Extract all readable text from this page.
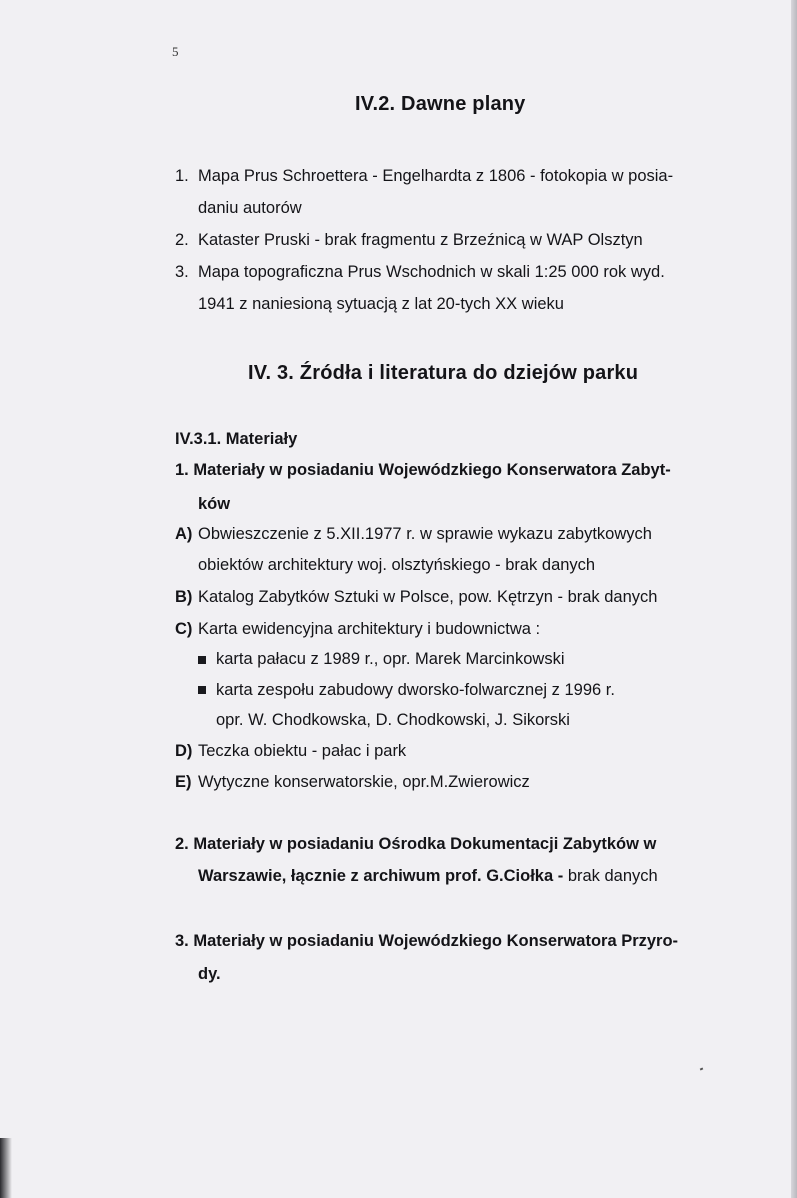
5
IV.2. Dawne plany
1. Mapa Prus Schroettera - Engelhardta z 1806 - fotokopia w posia-
daniu autorów
2. Kataster Pruski - brak fragmentu z Brzeźnicą w WAP Olsztyn
3. Mapa topograficzna Prus Wschodnich w skali 1:25 000 rok wyd.
1941 z naniesioną sytuacją z lat 20-tych XX wieku
IV. 3. Źródła i literatura do dziejów parku
IV.3.1. Materiały
1. Materiały w posiadaniu Wojewódzkiego Konserwatora Zabyt-
ków
A) Obwieszczenie z 5.XII.1977 r. w sprawie wykazu zabytkowych
obiektów architektury woj. olsztyńskiego - brak danych
B) Katalog Zabytków Sztuki w Polsce, pow. Kętrzyn - brak danych
C) Karta ewidencyjna architektury i budownictwa :
karta pałacu z 1989 r., opr. Marek Marcinkowski
karta zespołu zabudowy dworsko-folwarcznej z 1996 r.
opr. W. Chodkowska, D. Chodkowski, J. Sikorski
D) Teczka obiektu - pałac i park
E) Wytyczne konserwatorskie, opr.M.Zwierowicz
2. Materiały w posiadaniu Ośrodka Dokumentacji Zabytków w
Warszawie, łącznie z archiwum prof. G.Ciołka - brak danych
3. Materiały w posiadaniu Wojewódzkiego Konserwatora Przyro-
dy.
